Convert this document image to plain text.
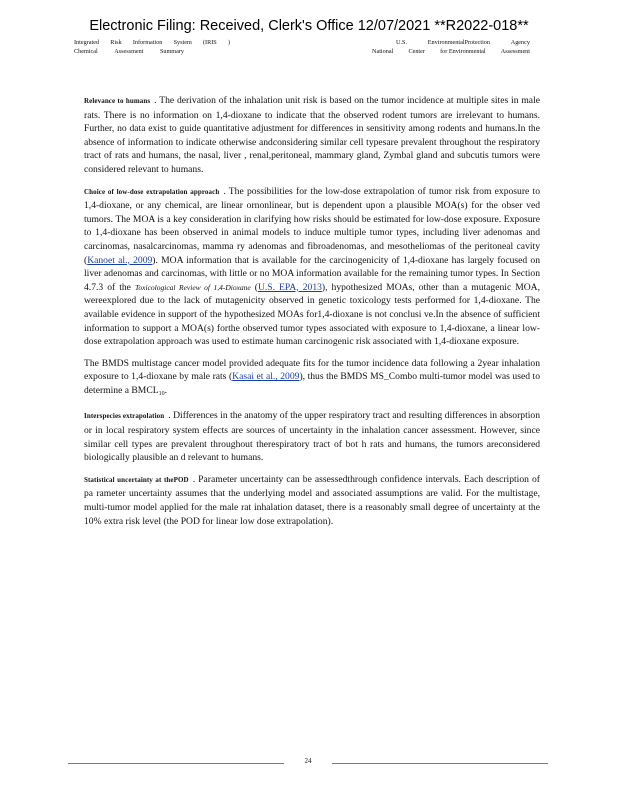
Electronic Filing: Received, Clerk's Office 12/07/2021 **R2022-018**
Integrated Risk Information System (IRIS )
Chemical	Assessment	Summary
U.S.	EnvironmentalProtection	Agency
National Center for Environmental Assessment

Relevance to humans . The derivation of the inhalation unit risk is based on the tumor incidence at multiple sites in male rats. There is no information on 1,4-dioxane to indicate that the observed rodent tumors are irrelevant to humans. Further, no data exist to guide quantitative adjustment for differences in sensitivity among rodents and humans.In the absence of information to indicate otherwise andconsidering similar cell typesare prevalent throughout the respiratory tract of rats and humans, the nasal, liver , renal,peritoneal, mammary gland, Zymbal gland and subcutis tumors were considered relevant to humans.

Choice of low-dose extrapolation approach . The possibilities for the low-dose extrapolation of tumor risk from exposure to 1,4-dioxane, or any chemical, are linear ornonlinear, but is dependent upon a plausible MOA(s) for the obser ved tumors. The MOA is a key consideration in clarifying how risks should be estimated for low-dose exposure. Exposure to 1,4-dioxane has been observed in animal models to induce multiple tumor types, including liver adenomas and carcinomas, nasalcarcinomas, mamma ry adenomas and fibroadenomas, and mesotheliomas of the peritoneal cavity (Kanoet al., 2009). MOA information that is available for the carcinogenicity of 1,4-dioxane has largely focused on liver adenomas and carcinomas, with little or no MOA information available for the remaining tumor types. In Section 4.7.3 of the Toxicological Review of 1,4-Dioxane (U.S. EPA, 2013), hypothesized MOAs, other than a mutagenic MOA, wereexplored due to the lack of mutagenicity observed in genetic toxicology tests performed for 1,4-dioxane. The available evidence in support of the hypothesized MOAs for1,4-dioxane is not conclusi ve.In the absence of sufficient information to support a MOA(s) forthe observed tumor types associated with exposure to 1,4-dioxane, a linear low-dose extrapolation approach was used to estimate human carcinogenic risk associated with 1,4-dioxane exposure.

The BMDS multistage cancer model provided adequate fits for the tumor incidence data following a 2year inhalation exposure to 1,4-dioxane by male rats (Kasai et al., 2009), thus the BMDS MS_Combo multi-tumor model was used to determine a $BMCL_{10}$.

Interspecies extrapolation . Differences in the anatomy of the upper respiratory tract and resulting differences in absorption or in local respiratory system effects are sources of uncertainty in the inhalation cancer assessment. However, since similar cell types are prevalent throughout therespiratory tract of bot h rats and humans, the tumors areconsidered biologically plausible an d relevant to humans.

Statistical uncertainty at thePOD . Parameter uncertainty can be assessedthrough confidence intervals. Each description of pa rameter uncertainty assumes that the underlying model and associated assumptions are valid. For the multistage, multi-tumor model applied for the male rat inhalation dataset, there is a reasonably small degree of uncertainty at the 10% extra risk level (the POD for linear low dose extrapolation).

24
